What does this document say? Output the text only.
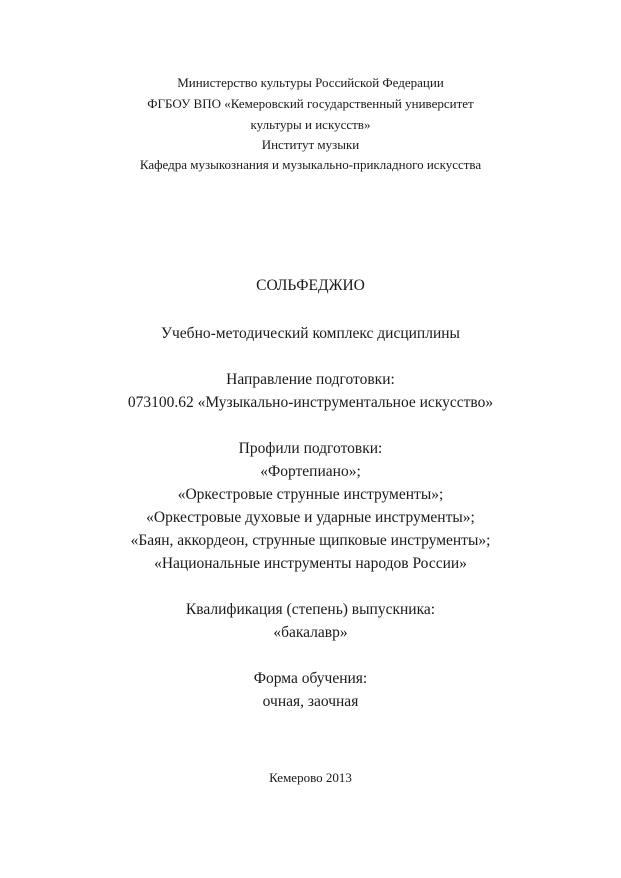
Министерство культуры Российской Федерации
ФГБОУ ВПО «Кемеровский государственный университет
культуры и искусств»
Институт музыки
Кафедра музыкознания и музыкально-прикладного искусства
СОЛЬФЕДЖИО
Учебно-методический комплекс дисциплины
Направление подготовки:
073100.62 «Музыкально-инструментальное искусство»
Профили подготовки:
«Фортепиано»;
«Оркестровые струнные инструменты»;
«Оркестровые духовые и ударные инструменты»;
«Баян, аккордеон, струнные щипковые инструменты»;
«Национальные инструменты народов России»
Квалификация (степень) выпускника:
«бакалавр»
Форма обучения:
очная, заочная
Кемерово 2013
